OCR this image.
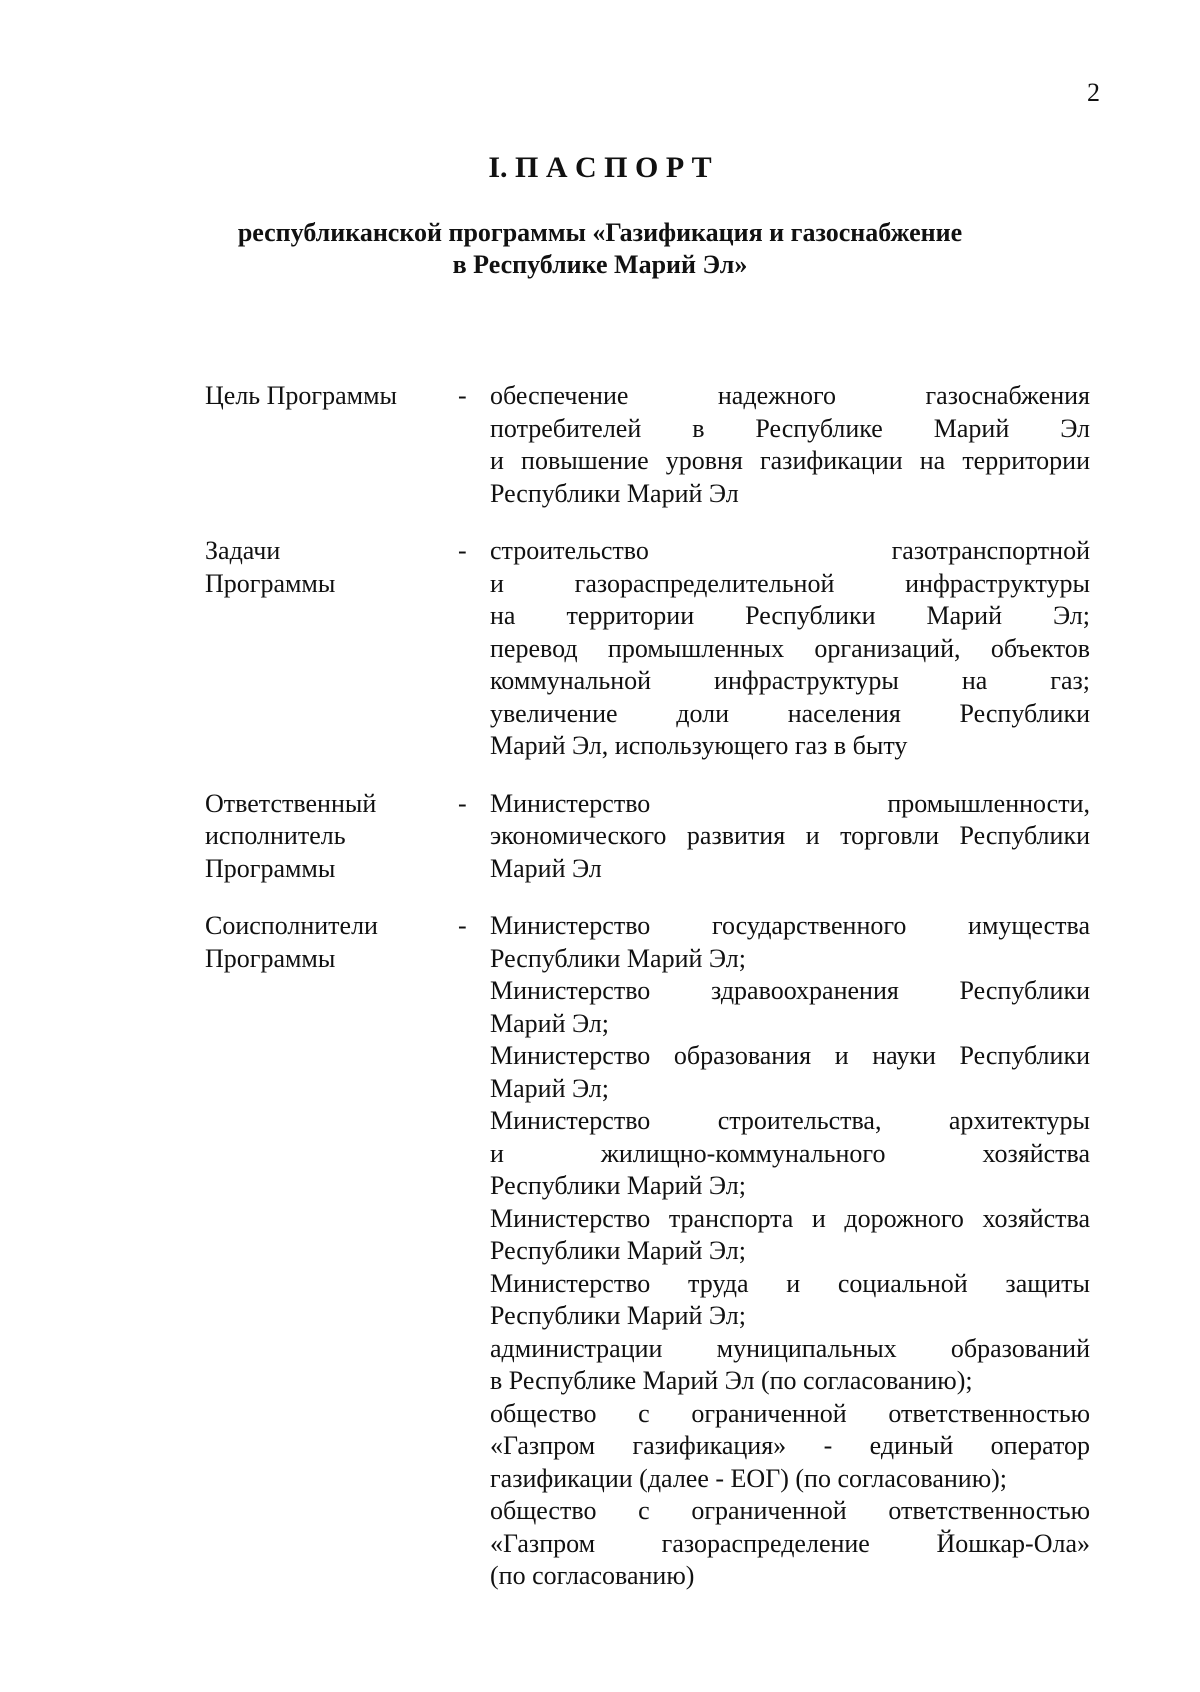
2
I. П А С П О Р Т
республиканской программы «Газификация и газоснабжение
в Республике Марий Эл»
Цель Программы	- обеспечение надежного газоснабжения
потребителей в Республике Марий Эл
и повышение уровня газификации на территории
Республики Марий Эл
Задачи
Программы
- строительство газотранспортной
и газораспределительной инфраструктуры
на территории Республики Марий Эл;
перевод промышленных организаций, объектов
коммунальной инфраструктуры на газ;
увеличение доли населения Республики
Марий Эл, использующего газ в быту
Ответственный
исполнитель
Программы
- Министерство промышленности,
экономического развития и торговли Республики
Марий Эл
Соисполнители
Программы
- Министерство государственного имущества
Республики Марий Эл;
Министерство здравоохранения Республики
Марий Эл;
Министерство образования и науки Республики
Марий Эл;
Министерство строительства, архитектуры
и жилищно-коммунального хозяйства
Республики Марий Эл;
Министерство транспорта и дорожного хозяйства
Республики Марий Эл;
Министерство труда и социальной защиты
Республики Марий Эл;
администрации муниципальных образований
в Республике Марий Эл (по согласованию);
общество с ограниченной ответственностью
«Газпром газификация» - единый оператор
газификации (далее - ЕОГ) (по согласованию);
общество с ограниченной ответственностью
«Газпром газораспределение Йошкар-Ола»
(по согласованию)
